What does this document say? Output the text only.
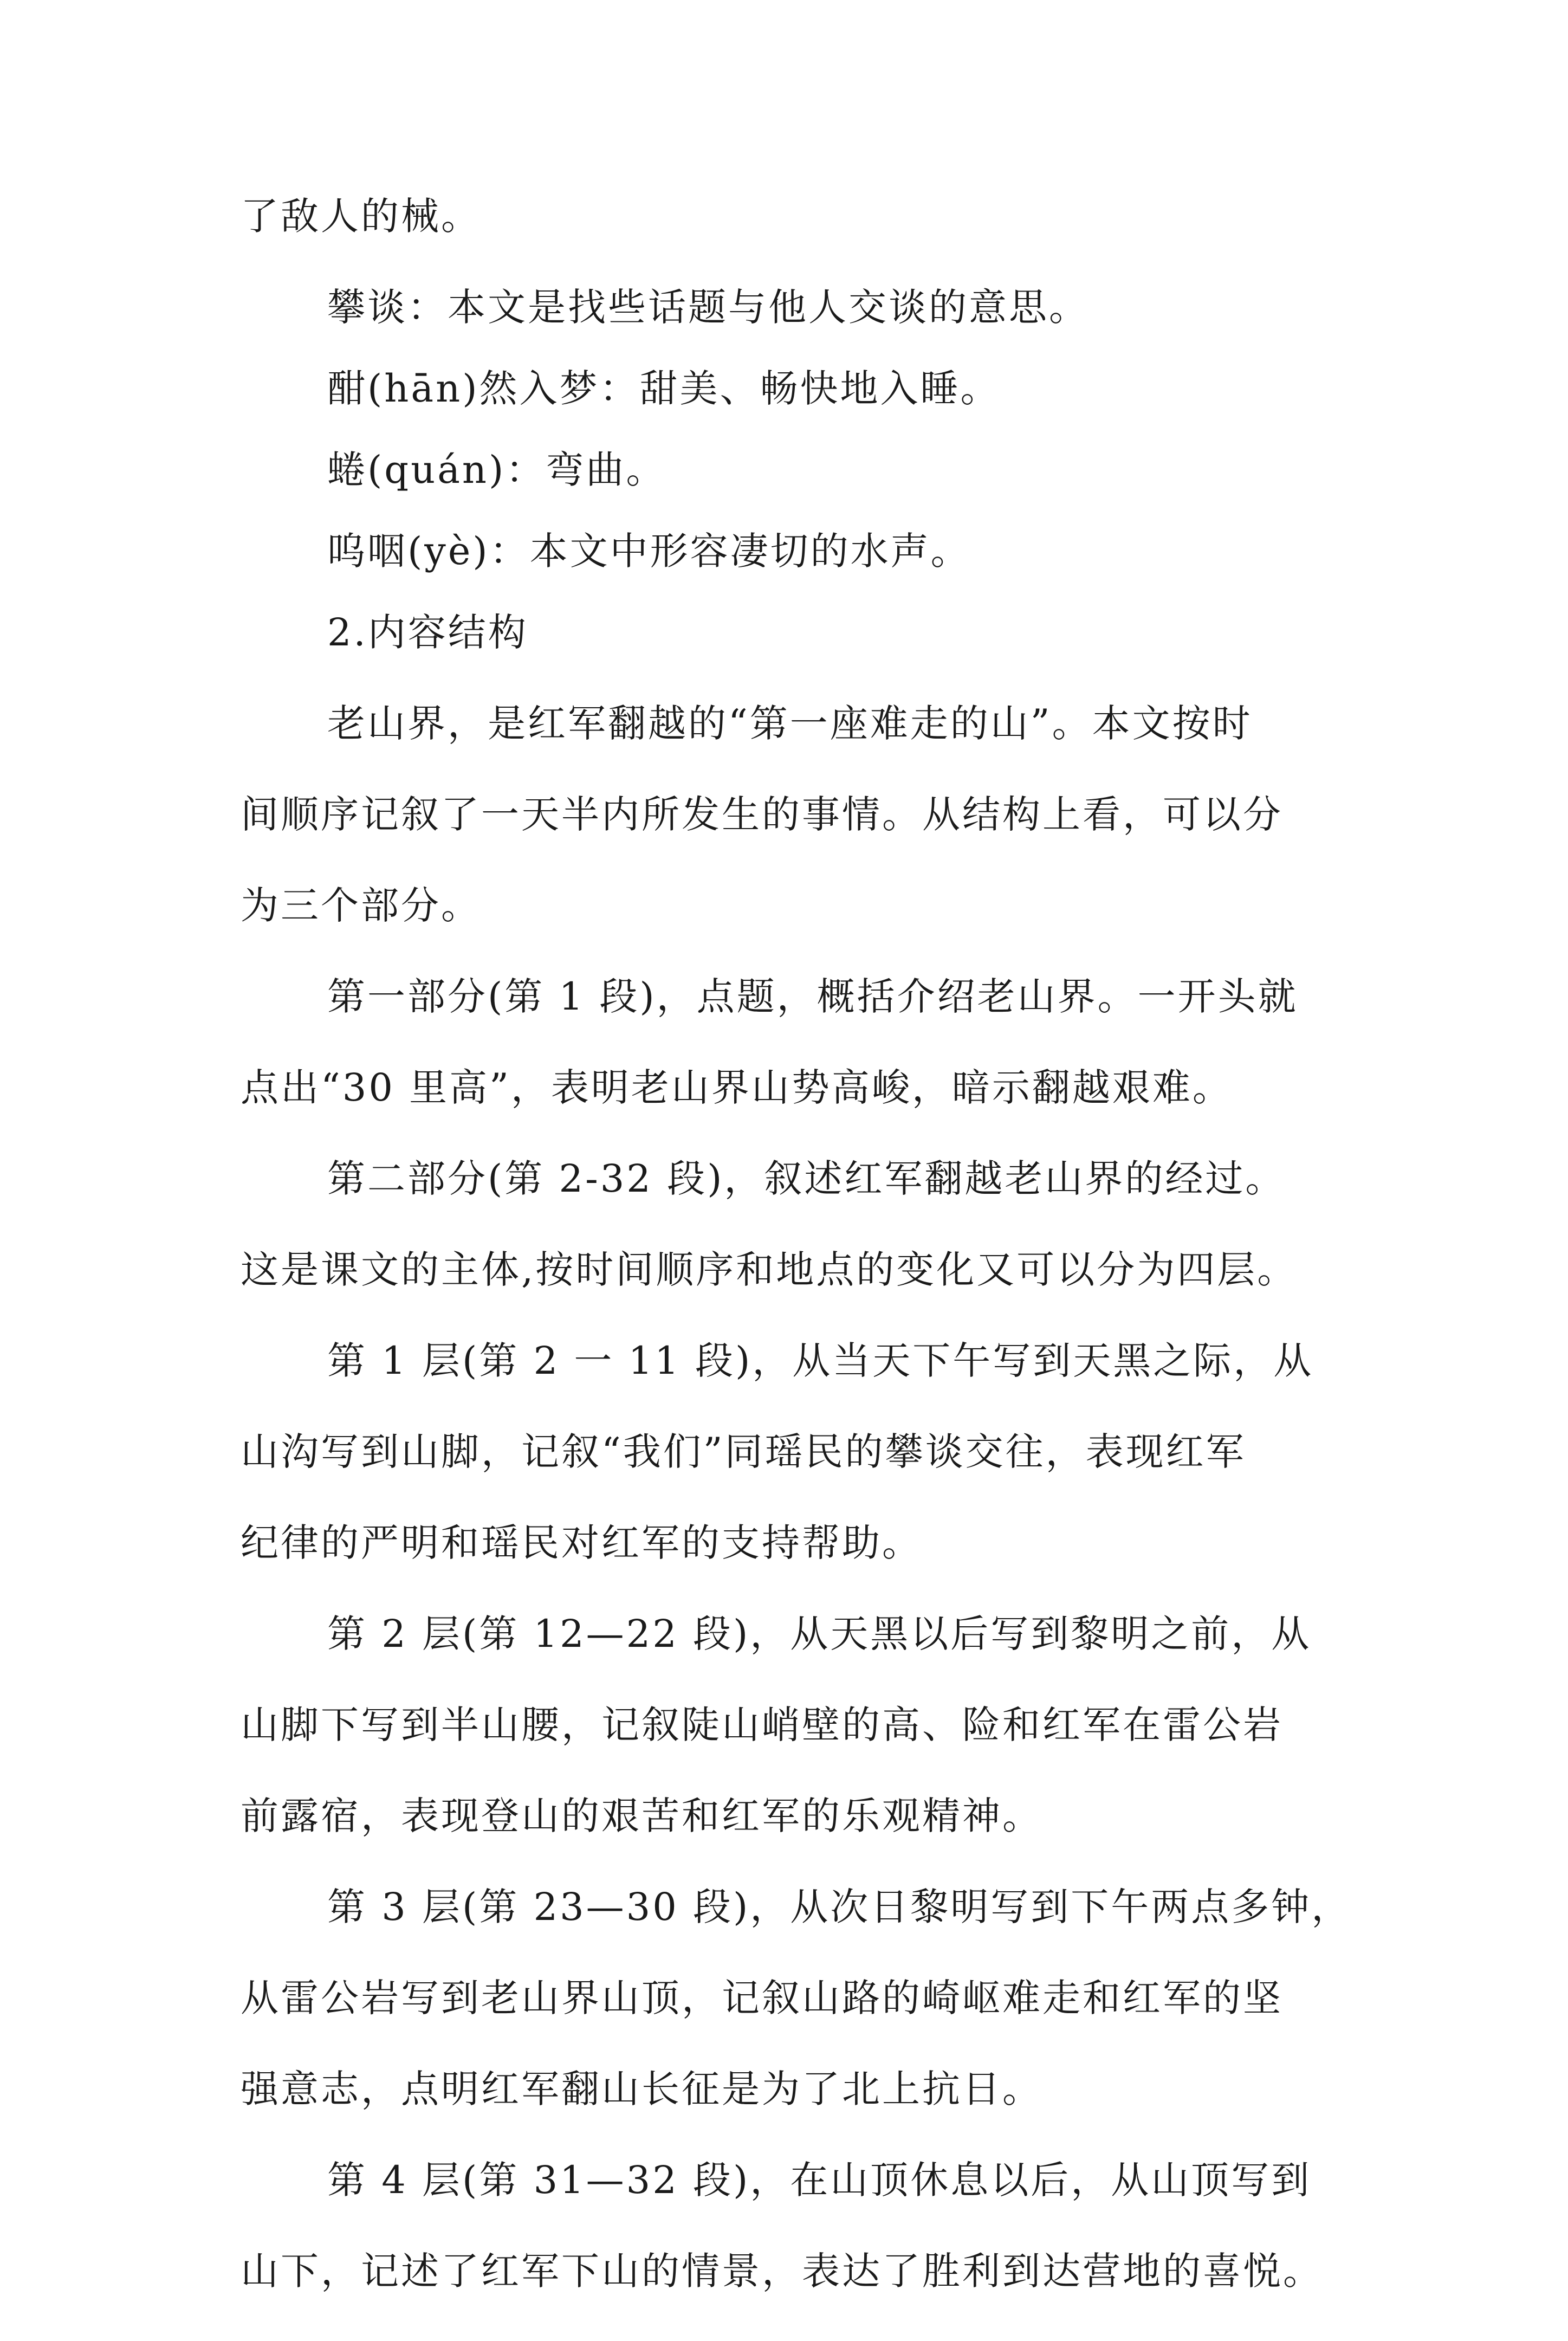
了敌人的械。
攀谈：本文是找些话题与他人交谈的意思。
酣(hān)然入梦：甜美、畅快地入睡。
蜷(quán)：弯曲。
呜咽(yè)：本文中形容凄切的水声。
2.内容结构
老山界，是红军翻越的“第一座难走的山”。本文按时
间顺序记叙了一天半内所发生的事情。从结构上看，可以分
为三个部分。
第一部分(第 1 段)，点题，概括介绍老山界。一开头就
点出“30 里高”，表明老山界山势高峻，暗示翻越艰难。
第二部分(第 2-32 段)，叙述红军翻越老山界的经过。
这是课文的主体,按时间顺序和地点的变化又可以分为四层。
第 1 层(第 2 一 11 段)，从当天下午写到天黑之际，从
山沟写到山脚，记叙“我们”同瑶民的攀谈交往，表现红军
纪律的严明和瑶民对红军的支持帮助。
第 2 层(第 12—22 段)，从天黑以后写到黎明之前，从
山脚下写到半山腰，记叙陡山峭壁的高、险和红军在雷公岩
前露宿，表现登山的艰苦和红军的乐观精神。
第 3 层(第 23—30 段)，从次日黎明写到下午两点多钟，
从雷公岩写到老山界山顶，记叙山路的崎岖难走和红军的坚
强意志，点明红军翻山长征是为了北上抗日。
第 4 层(第 31—32 段)，在山顶休息以后，从山顶写到
山下，记述了红军下山的情景，表达了胜利到达营地的喜悦。
